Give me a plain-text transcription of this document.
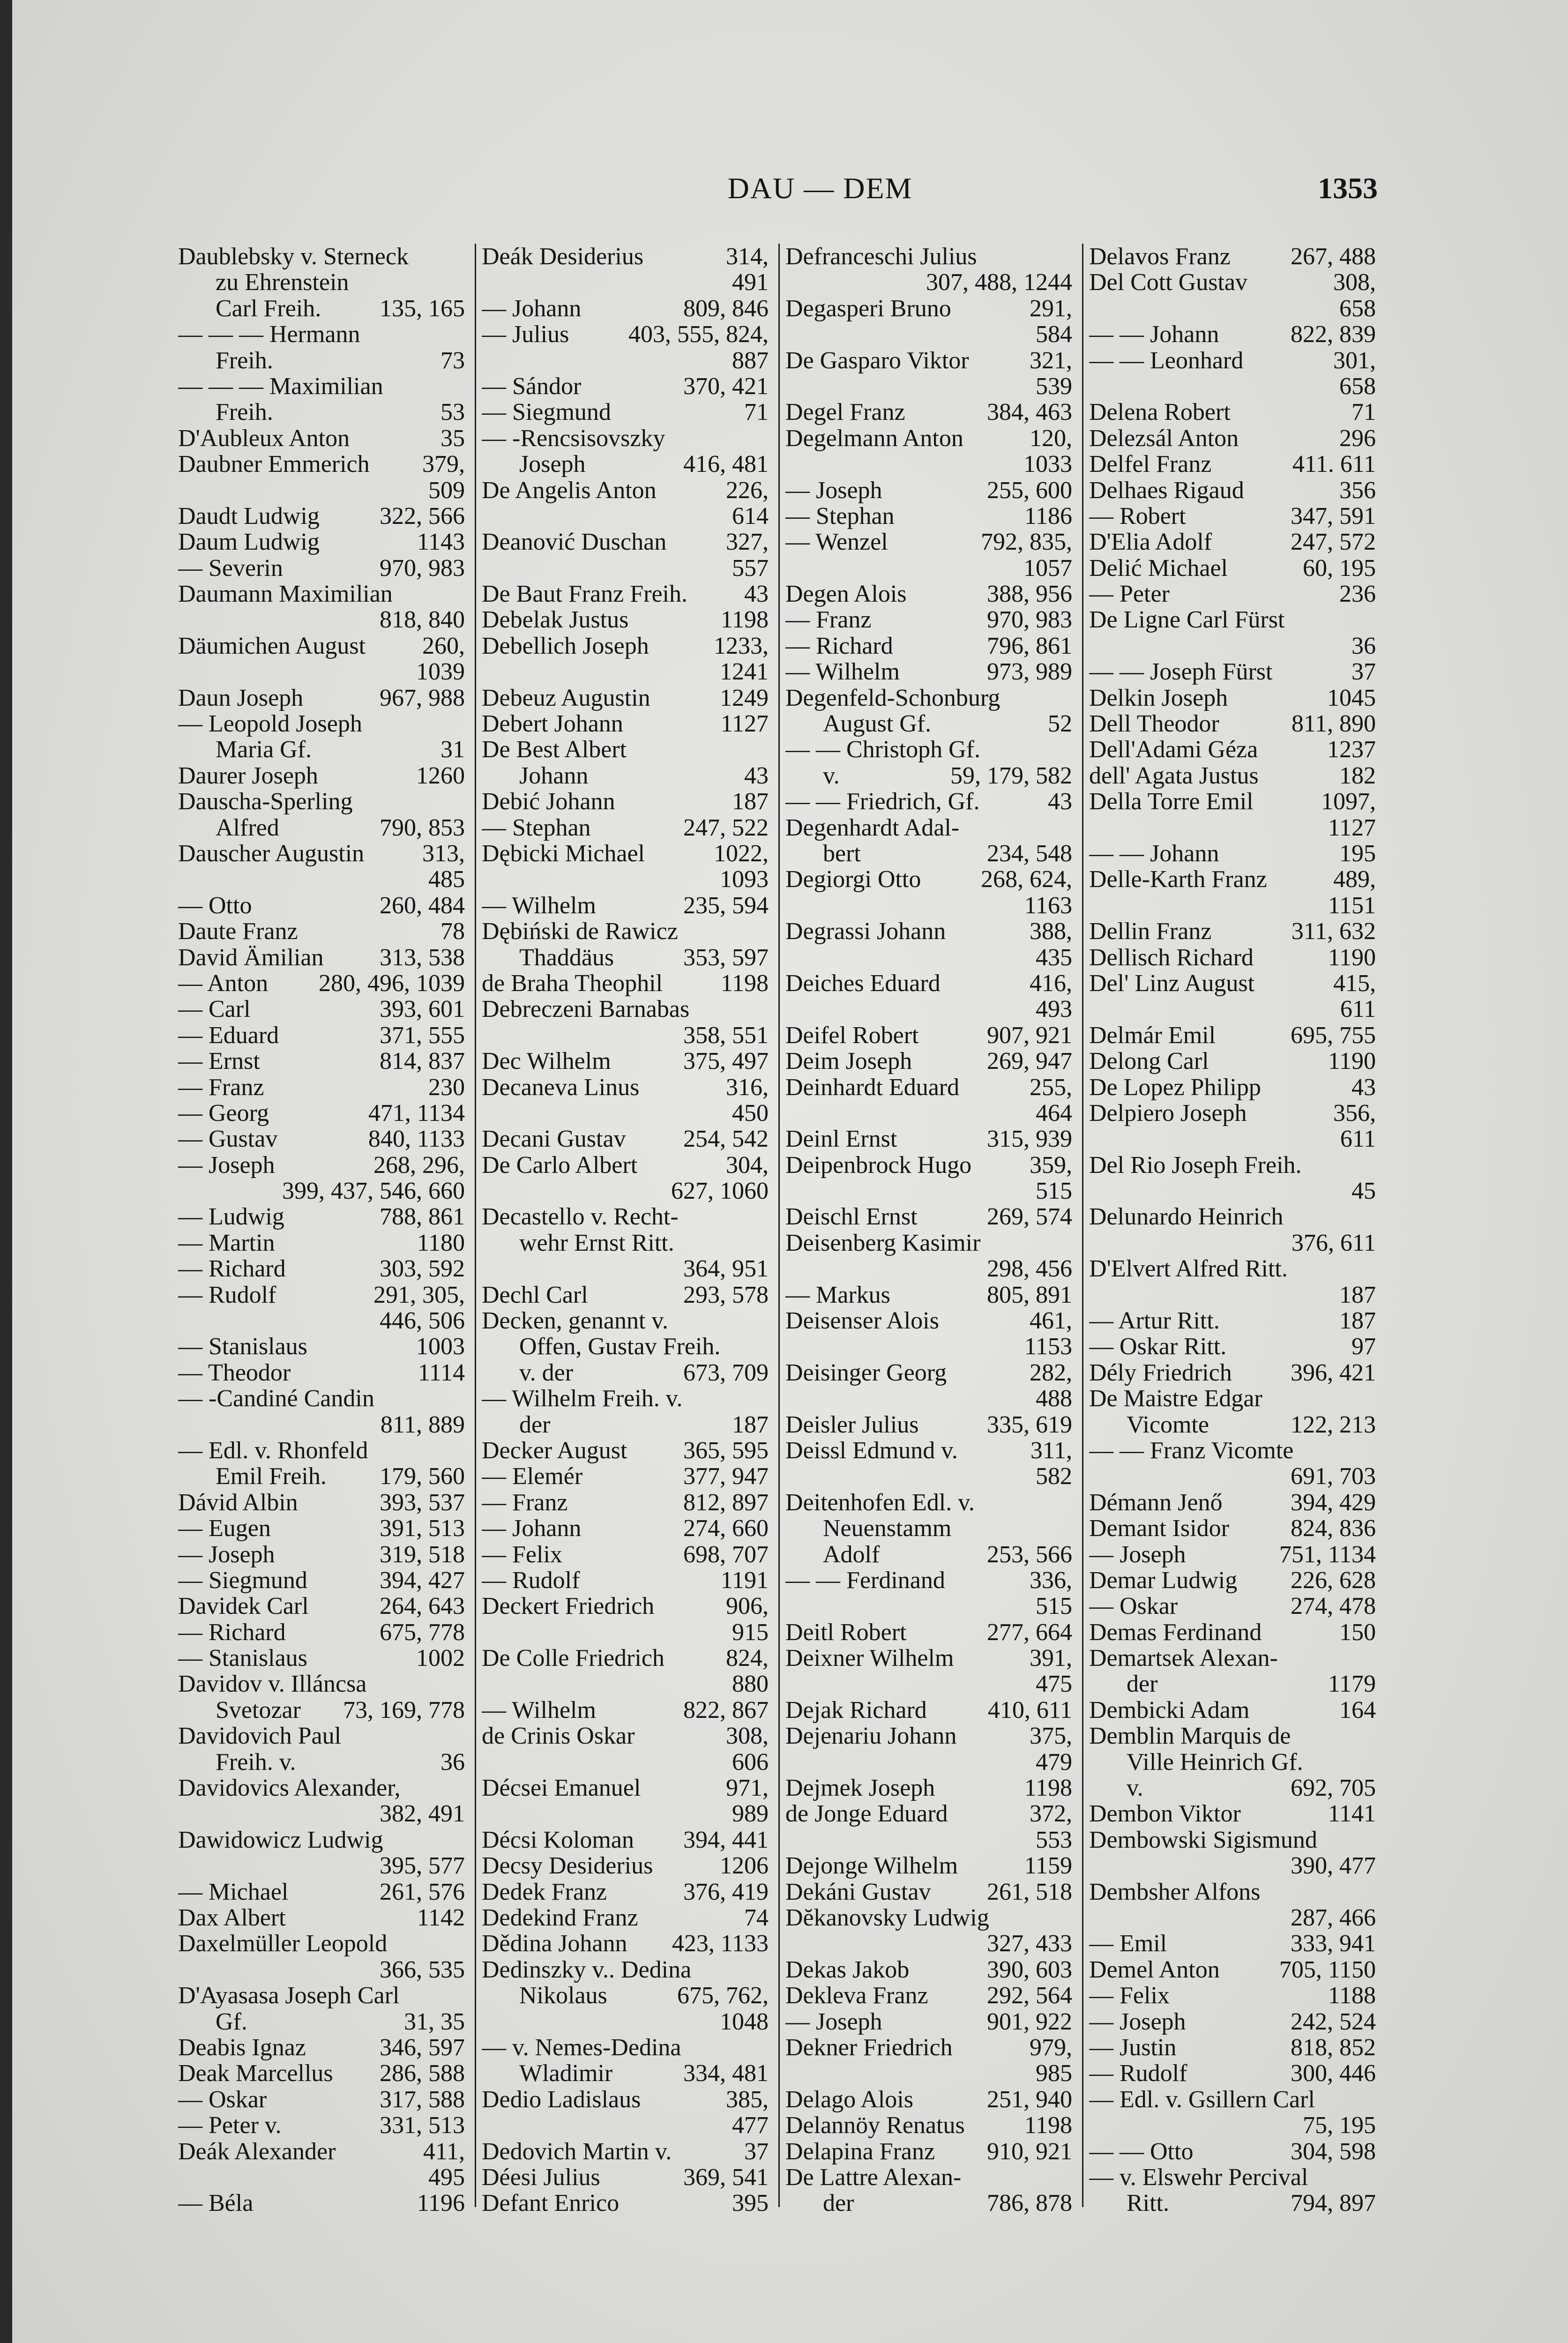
DAU — DEM	1353
Daublebsky v. Sterneck
zu Ehrenstein
Carl Freih.	135, 165
— — — Hermann
Freih.	73
— — — Maximilian
Freih.	53
D'Aubleux Anton	35
Daubner Emmerich	379,
509
Daudt Ludwig	322, 566
Daum Ludwig	1143
— Severin	970, 983
Daumann Maximilian
818, 840
Däumichen August	260,
1039
Daun Joseph	967, 988
— Leopold Joseph
Maria Gf.	31
Daurer Joseph	1260
Dauscha-Sperling
Alfred	790, 853
Dauscher Augustin	313,
485
— Otto	260, 484
Daute Franz	78
David Ämilian	313, 538
— Anton	280, 496, 1039
— Carl	393, 601
— Eduard	371, 555
— Ernst	814, 837
— Franz	230
— Georg	471, 1134
— Gustav	840, 1133
— Joseph	268, 296,
399, 437, 546, 660
— Ludwig	788, 861
— Martin	1180
— Richard	303, 592
— Rudolf	291, 305,
446, 506
— Stanislaus	1003
— Theodor	1114
— -Candiné Candin
811, 889
— Edl. v. Rhonfeld
Emil Freih.	179, 560
Dávid Albin	393, 537
— Eugen	391, 513
— Joseph	319, 518
— Siegmund	394, 427
Davidek Carl	264, 643
— Richard	675, 778
— Stanislaus	1002
Davidov v. Illáncsa
Svetozar	73, 169, 778
Davidovich Paul
Freih. v.	36
Davidovics Alexander,
382, 491
Dawidowicz Ludwig
395, 577
— Michael	261, 576
Dax Albert	1142
Daxelmüller Leopold
366, 535
D'Ayasasa Joseph Carl
Gf.	31, 35
Deabis Ignaz	346, 597
Deak Marcellus	286, 588
— Oskar	317, 588
— Peter v.	331, 513
Deák Alexander	411,
495
— Béla	1196
Deák Desiderius	314,
491
— Johann	809, 846
— Julius	403, 555, 824,
887
— Sándor	370, 421
— Siegmund	71
— -Rencsisovszky
Joseph	416, 481
De Angelis Anton	226,
614
Deanović Duschan	327,
557
De Baut Franz Freih.	43
Debelak Justus	1198
Debellich Joseph	1233,
1241
Debeuz Augustin	1249
Debert Johann	1127
De Best Albert
Johann	43
Debić Johann	187
— Stephan	247, 522
Dębicki Michael	1022,
1093
— Wilhelm	235, 594
Dębiński de Rawicz
Thaddäus	353, 597
de Braha Theophil	1198
Debreczeni Barnabas
358, 551
Dec Wilhelm	375, 497
Decaneva Linus	316,
450
Decani Gustav	254, 542
De Carlo Albert	304,
627, 1060
Decastello v. Recht-
wehr Ernst Ritt.
364, 951
Dechl Carl	293, 578
Decken, genannt v.
Offen, Gustav Freih.
v. der	673, 709
— Wilhelm Freih. v.
der	187
Decker August	365, 595
— Elemér	377, 947
— Franz	812, 897
— Johann	274, 660
— Felix	698, 707
— Rudolf	1191
Deckert Friedrich	906,
915
De Colle Friedrich	824,
880
— Wilhelm	822, 867
de Crinis Oskar	308,
606
Décsei Emanuel	971,
989
Décsi Koloman	394, 441
Decsy Desiderius	1206
Dedek Franz	376, 419
Dedekind Franz	74
Dědina Johann	423, 1133
Dedinszky v.. Dedina
Nikolaus	675, 762,
1048
— v. Nemes-Dedina
Wladimir	334, 481
Dedio Ladislaus	385,
477
Dedovich Martin v.	37
Déesi Julius	369, 541
Defant Enrico	395
Defranceschi Julius
307, 488, 1244
Degasperi Bruno	291,
584
De Gasparo Viktor	321,
539
Degel Franz	384, 463
Degelmann Anton	120,
1033
— Joseph	255, 600
— Stephan	1186
— Wenzel	792, 835,
1057
Degen Alois	388, 956
— Franz	970, 983
— Richard	796, 861
— Wilhelm	973, 989
Degenfeld-Schonburg
August Gf.	52
— — Christoph Gf.
v.	59, 179, 582
— — Friedrich, Gf.	43
Degenhardt Adal-
bert	234, 548
Degiorgi Otto	268, 624,
1163
Degrassi Johann	388,
435
Deiches Eduard	416,
493
Deifel Robert	907, 921
Deim Joseph	269, 947
Deinhardt Eduard	255,
464
Deinl Ernst	315, 939
Deipenbrock Hugo	359,
515
Deischl Ernst	269, 574
Deisenberg Kasimir
298, 456
— Markus	805, 891
Deisenser Alois	461,
1153
Deisinger Georg	282,
488
Deisler Julius	335, 619
Deissl Edmund v.	311,
582
Deitenhofen Edl. v.
Neuenstamm
Adolf	253, 566
— — Ferdinand	336,
515
Deitl Robert	277, 664
Deixner Wilhelm	391,
475
Dejak Richard	410, 611
Dejenariu Johann	375,
479
Dejmek Joseph	1198
de Jonge Eduard	372,
553
Dejonge Wilhelm	1159
Dekáni Gustav	261, 518
Dĕkanovsky Ludwig
327, 433
Dekas Jakob	390, 603
Dekleva Franz	292, 564
— Joseph	901, 922
Dekner Friedrich	979,
985
Delago Alois	251, 940
Delannöy Renatus	1198
Delapina Franz	910, 921
De Lattre Alexan-
der	786, 878
Delavos Franz	267, 488
Del Cott Gustav	308,
658
— — Johann	822, 839
— — Leonhard	301,
658
Delena Robert	71
Delezsál Anton	296
Delfel Franz	411. 611
Delhaes Rigaud	356
— Robert	347, 591
D'Elia Adolf	247, 572
Delić Michael	60, 195
— Peter	236
De Ligne Carl Fürst
36
— — Joseph Fürst	37
Delkin Joseph	1045
Dell Theodor	811, 890
Dell'Adami Géza	1237
dell' Agata Justus	182
Della Torre Emil	1097,
1127
— — Johann	195
Delle-Karth Franz	489,
1151
Dellin Franz	311, 632
Dellisch Richard	1190
Del' Linz August	415,
611
Delmár Emil	695, 755
Delong Carl	1190
De Lopez Philipp	43
Delpiero Joseph	356,
611
Del Rio Joseph Freih.
45
Delunardo Heinrich
376, 611
D'Elvert Alfred Ritt.
187
— Artur Ritt.	187
— Oskar Ritt.	97
Dély Friedrich	396, 421
De Maistre Edgar
Vicomte	122, 213
— — Franz Vicomte
691, 703
Démann Jenő	394, 429
Demant Isidor	824, 836
— Joseph	751, 1134
Demar Ludwig	226, 628
— Oskar	274, 478
Demas Ferdinand	150
Demartsek Alexan-
der	1179
Dembicki Adam	164
Demblin Marquis de
Ville Heinrich Gf.
v.	692, 705
Dembon Viktor	1141
Dembowski Sigismund
390, 477
Dembsher Alfons
287, 466
— Emil	333, 941
Demel Anton	705, 1150
— Felix	1188
— Joseph	242, 524
— Justin	818, 852
— Rudolf	300, 446
— Edl. v. Gsillern Carl
75, 195
— — Otto	304, 598
— v. Elswehr Percival
Ritt.	794, 897
